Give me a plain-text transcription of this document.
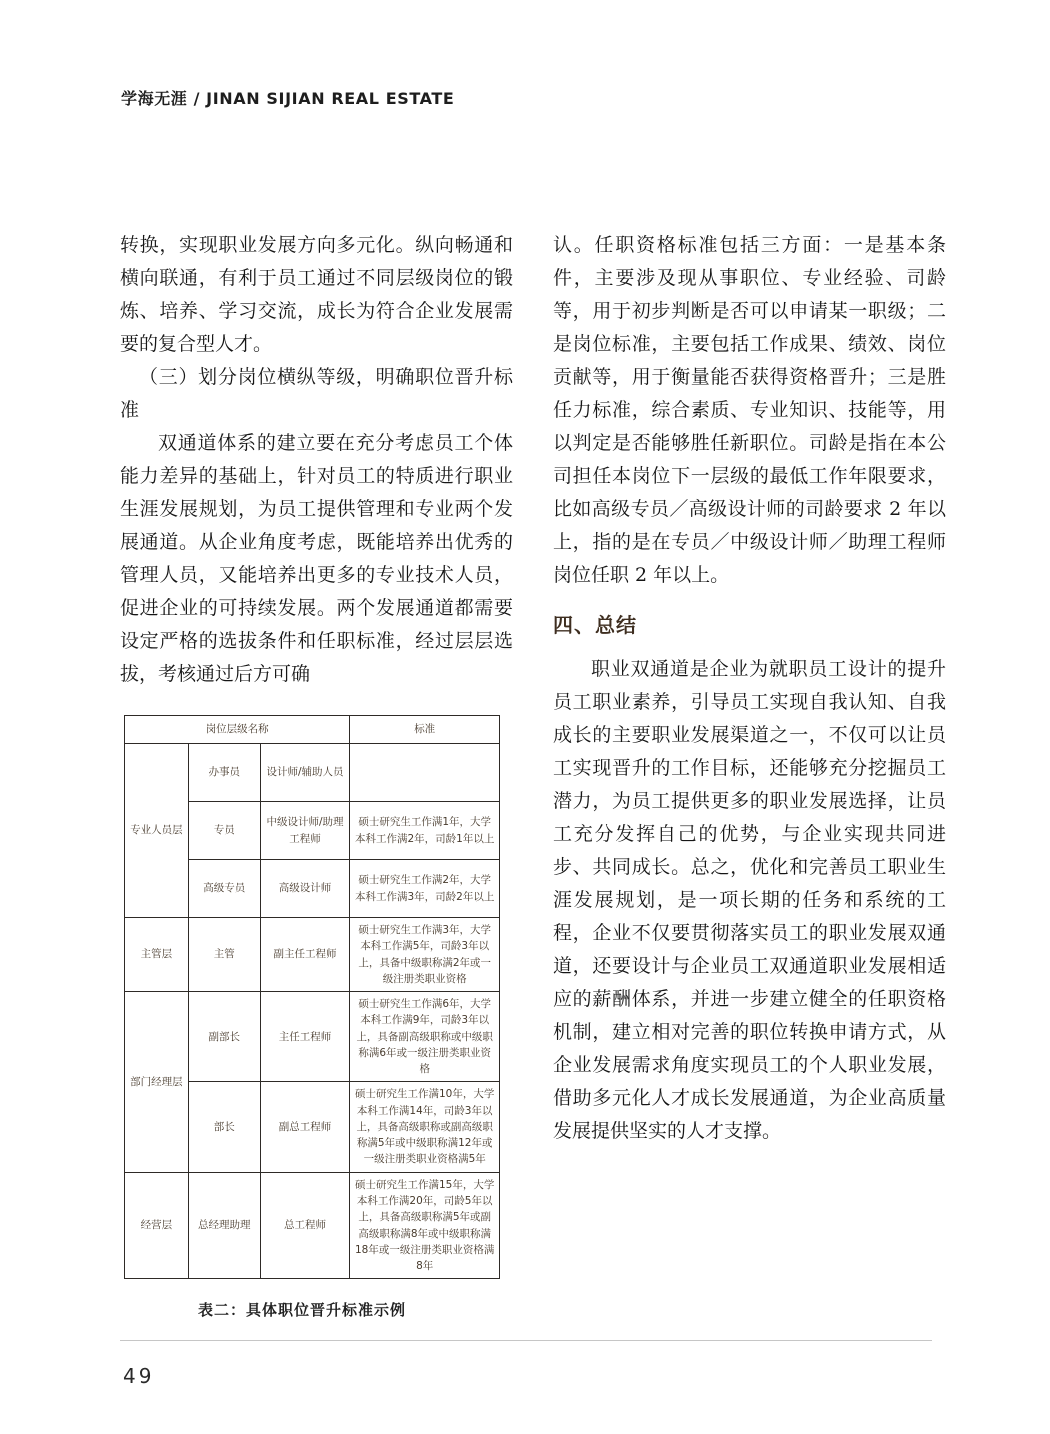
学海无涯 / JINAN SIJIAN REAL ESTATE

转换，实现职业发展方向多元化。纵向畅通和横向联通，有利于员工通过不同层级岗位的锻炼、培养、学习交流，成长为符合企业发展需要的复合型人才。

（三）划分岗位横纵等级，明确职位晋升标准

双通道体系的建立要在充分考虑员工个体能力差异的基础上，针对员工的特质进行职业生涯发展规划，为员工提供管理和专业两个发展通道。从企业角度考虑，既能培养出优秀的管理人员，又能培养出更多的专业技术人员，促进企业的可持续发展。两个发展通道都需要设定严格的选拔条件和任职标准，经过层层选拔，考核通过后方可确

岗位层级名称			标准
专业人员层	办事员	设计师/辅助人员	
	专员	中级设计师/助理工程师	硕士研究生工作满1年，大学本科工作满2年，司龄1年以上
	高级专员	高级设计师	硕士研究生工作满2年，大学本科工作满3年，司龄2年以上
主管层	主管	副主任工程师	硕士研究生工作满3年，大学本科工作满5年，司龄3年以上，具备中级职称满2年或一级注册类职业资格
部门经理层	副部长	主任工程师	硕士研究生工作满6年，大学本科工作满9年，司龄3年以上，具备副高级职称或中级职称满6年或一级注册类职业资格
	部长	副总工程师	硕士研究生工作满10年，大学本科工作满14年，司龄3年以上，具备高级职称或副高级职称满5年或中级职称满12年或一级注册类职业资格满5年
经营层	总经理助理	总工程师	硕士研究生工作满15年，大学本科工作满20年，司龄5年以上，具备高级职称满5年或副高级职称满8年或中级职称满18年或一级注册类职业资格满8年
表二：具体职位晋升标准示例

认。任职资格标准包括三方面：一是基本条件，主要涉及现从事职位、专业经验、司龄等，用于初步判断是否可以申请某一职级；二是岗位标准，主要包括工作成果、绩效、岗位贡献等，用于衡量能否获得资格晋升；三是胜任力标准，综合素质、专业知识、技能等，用以判定是否能够胜任新职位。司龄是指在本公司担任本岗位下一层级的最低工作年限要求，比如高级专员／高级设计师的司龄要求 2 年以上，指的是在专员／中级设计师／助理工程师岗位任职 2 年以上。

四、总结

职业双通道是企业为就职员工设计的提升员工职业素养，引导员工实现自我认知、自我成长的主要职业发展渠道之一，不仅可以让员工实现晋升的工作目标，还能够充分挖掘员工潜力，为员工提供更多的职业发展选择，让员工充分发挥自己的优势，与企业实现共同进步、共同成长。总之，优化和完善员工职业生涯发展规划，是一项长期的任务和系统的工程，企业不仅要贯彻落实员工的职业发展双通道，还要设计与企业员工双通道职业发展相适应的薪酬体系，并进一步建立健全的任职资格机制，建立相对完善的职位转换申请方式，从企业发展需求角度实现员工的个人职业发展，借助多元化人才成长发展通道，为企业高质量发展提供坚实的人才支撑。

49
